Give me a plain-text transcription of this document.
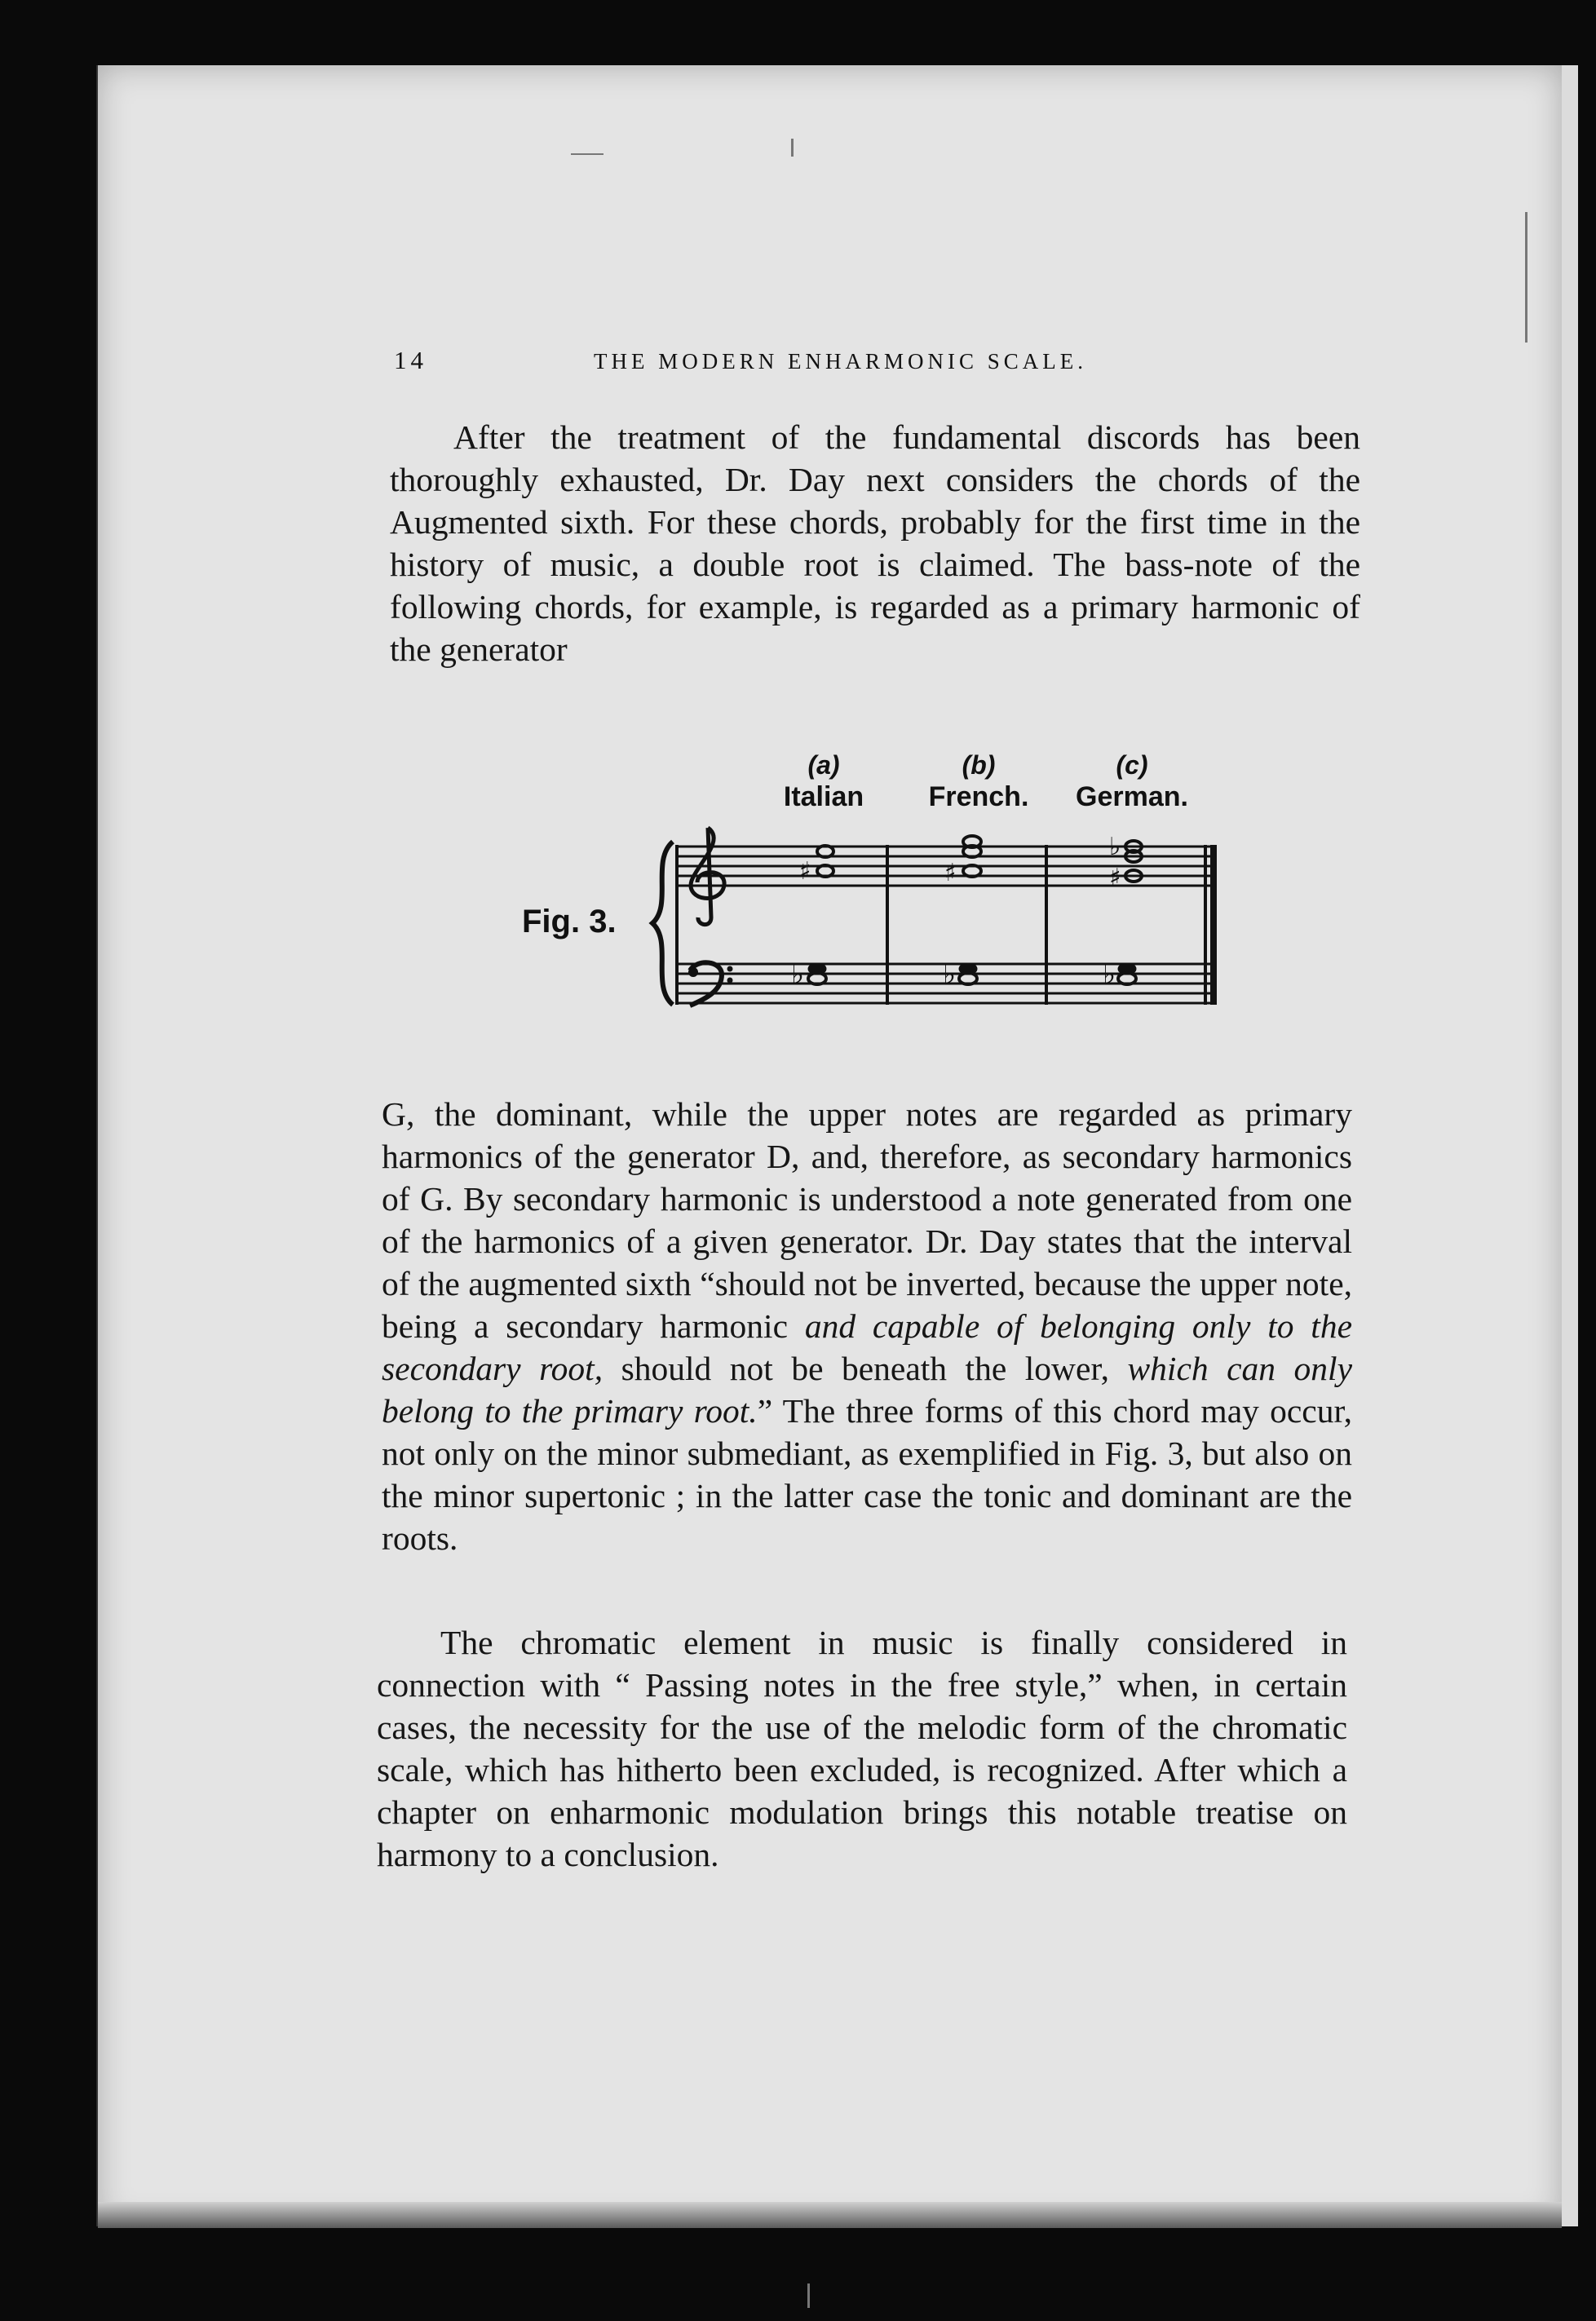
14	THE MODERN ENHARMONIC SCALE.
After the treatment of the fundamental discords has been thoroughly exhausted, Dr. Day next considers the chords of the Augmented sixth. For these chords, probably for the first time in the history of music, a double root is claimed. The bass-note of the following chords, for example, is regarded as a primary harmonic of the generator
Fig. 3.
(a)
Italian
(b)
French.
(c)
German.
♯
♭
♯
♭
♭
♯
♭
G, the dominant, while the upper notes are regarded as primary harmonics of the generator D, and, therefore, as secondary harmonics of G. By secondary harmonic is understood a note generated from one of the harmonics of a given generator. Dr. Day states that the interval of the augmented sixth “should not be inverted, because the upper note, being a secondary harmonic and capable of belonging only to the secondary root, should not be beneath the lower, which can only belong to the primary root.” The three forms of this chord may occur, not only on the minor submediant, as exemplified in Fig. 3, but also on the minor supertonic ; in the latter case the tonic and dominant are the roots.
The chromatic element in music is finally considered in connection with “ Passing notes in the free style,” when, in certain cases, the necessity for the use of the melodic form of the chromatic scale, which has hitherto been excluded, is recognized. After which a chapter on enharmonic modulation brings this notable treatise on harmony to a conclusion.
